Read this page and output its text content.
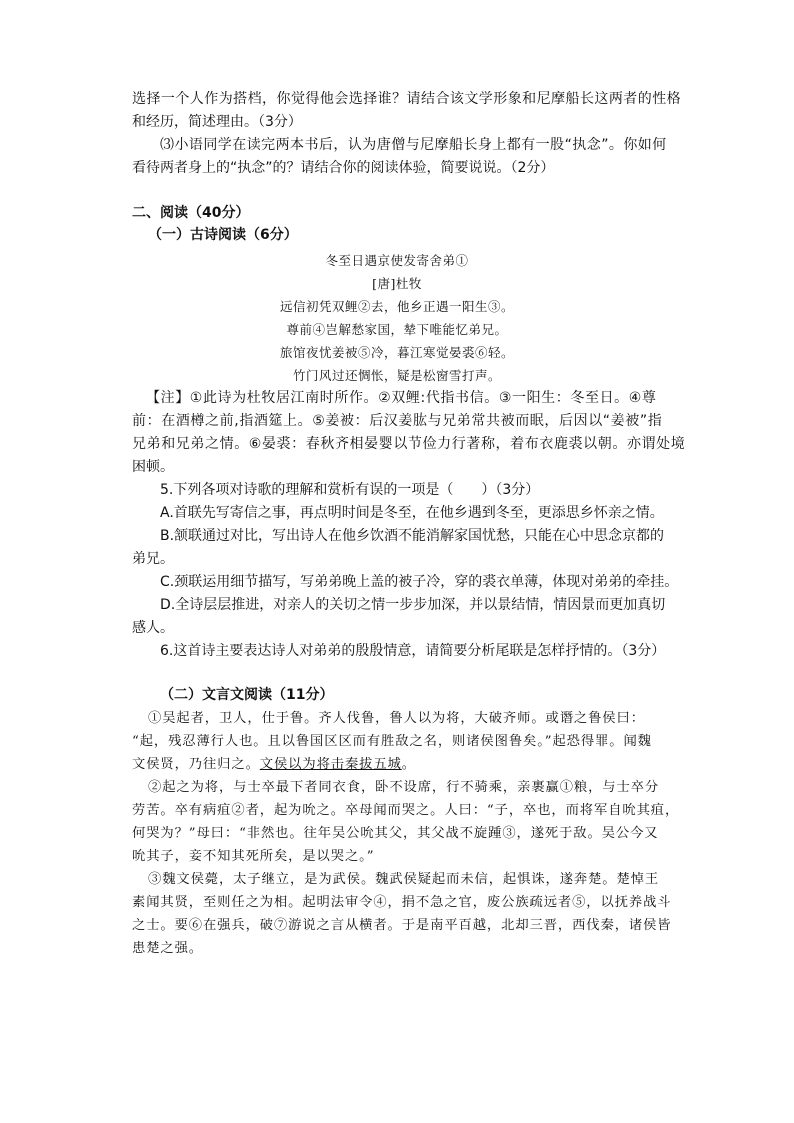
选择一个人作为搭档，你觉得他会选择谁？请结合该文学形象和尼摩船长这两者的性格
和经历，简述理由。（3分）
⑶小语同学在读完两本书后，认为唐僧与尼摩船长身上都有一股“执念”。你如何
看待两者身上的“执念”的？请结合你的阅读体验，简要说说。（2分）
二、阅读（40分）
（一）古诗阅读（6分）
冬至日遇京使发寄舍弟①
[唐]杜牧
远信初凭双鲤②去，他乡正遇一阳生③。
尊前④岂解愁家国，辇下唯能忆弟兄。
旅馆夜忧姜被⑤冷，暮江寒觉晏裘⑥轻。
竹门风过还惆怅，疑是松窗雪打声。
【注】①此诗为杜牧居江南时所作。②双鲤:代指书信。③一阳生：冬至日。④尊
前：在酒樽之前,指酒筵上。⑤姜被：后汉姜肱与兄弟常共被而眠，后因以“姜被”指
兄弟和兄弟之情。⑥晏裘：春秋齐相晏婴以节俭力行著称，着布衣鹿裘以朝。亦谓处境
困顿。
5.下列各项对诗歌的理解和赏析有误的一项是（　　）（3分）
A.首联先写寄信之事，再点明时间是冬至，在他乡遇到冬至，更添思乡怀亲之情。
B.颔联通过对比，写出诗人在他乡饮酒不能消解家国忧愁，只能在心中思念京都的
弟兄。
C.颈联运用细节描写，写弟弟晚上盖的被子冷，穿的裘衣单薄，体现对弟弟的牵挂。
D.全诗层层推进，对亲人的关切之情一步步加深，并以景结情，情因景而更加真切
感人。
6.这首诗主要表达诗人对弟弟的殷殷情意，请简要分析尾联是怎样抒情的。（3分）
（二）文言文阅读（11分）
①吴起者，卫人，仕于鲁。齐人伐鲁，鲁人以为将，大破齐师。或谮之鲁侯曰：
“起，残忍薄行人也。且以鲁国区区而有胜敌之名，则诸侯图鲁矣。”起恐得罪。闻魏
文侯贤，乃往归之。文侯以为将击秦拔五城。
②起之为将，与士卒最下者同衣食，卧不设席，行不骑乘，亲裹赢①粮，与士卒分
劳苦。卒有病疽②者，起为吮之。卒母闻而哭之。人曰：“子，卒也，而将军自吮其疽，
何哭为？”母曰：“非然也。往年吴公吮其父，其父战不旋踵③，遂死于敌。吴公今又
吮其子，妾不知其死所矣，是以哭之。”
③魏文侯薨，太子继立，是为武侯。魏武侯疑起而未信，起惧诛，遂奔楚。楚悼王
素闻其贤，至则任之为相。起明法审令④，捐不急之官，废公族疏远者⑤，以抚养战斗
之士。要⑥在强兵，破⑦游说之言从横者。于是南平百越，北却三晋，西伐秦，诸侯皆
患楚之强。
